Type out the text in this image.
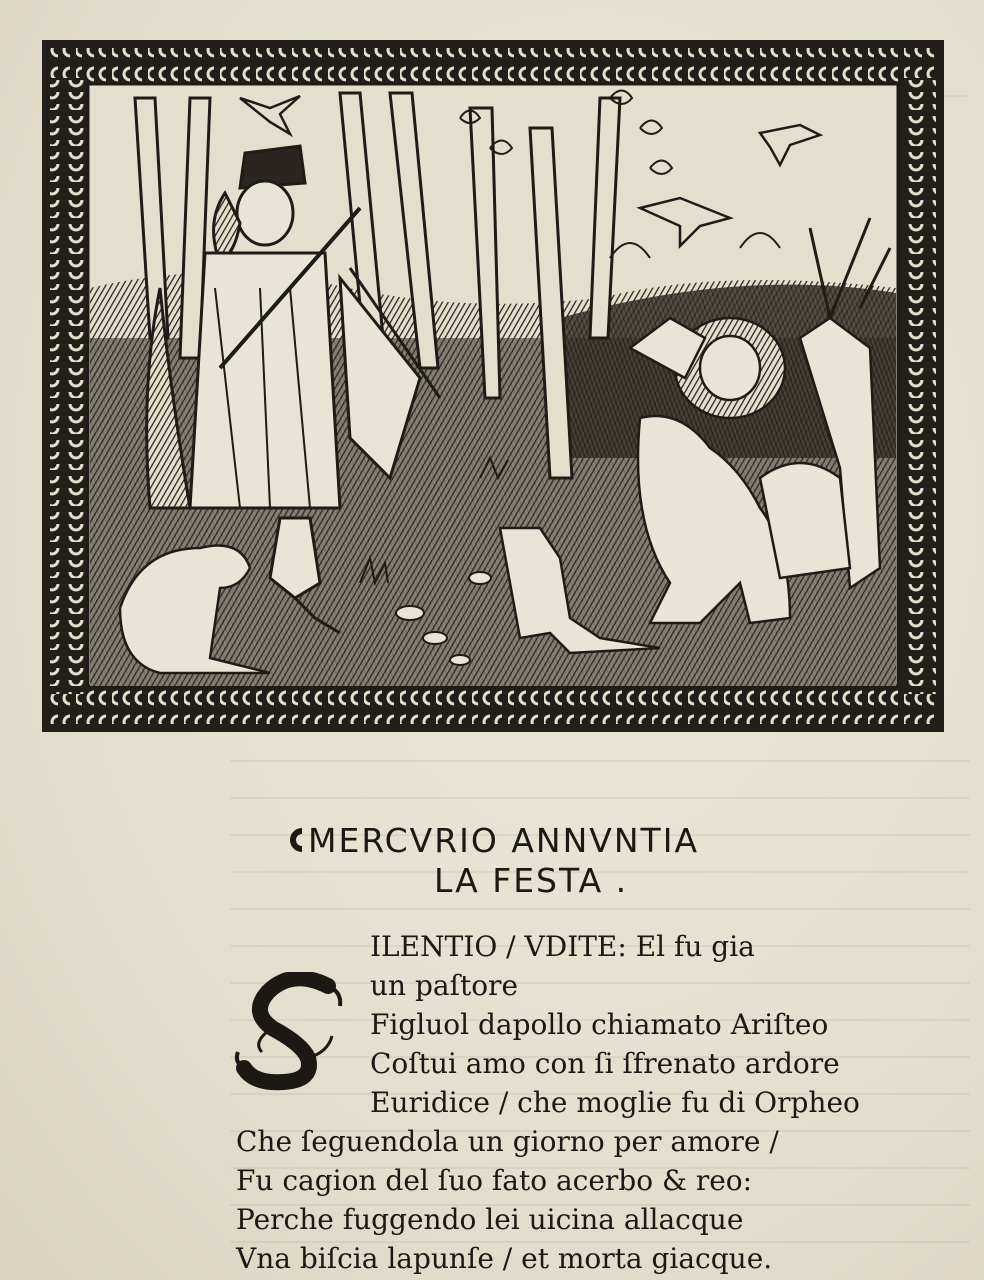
MERCVRIO ANNVNTIA
LA FESTA .
ILENTIO / VDITE: El fu gia
un paſtore
Figluol dapollo chiamato Ariſteo
Coſtui amo con ſi ſfrenato ardore
Euridice / che moglie fu di Orpheo
Che ſeguendola un giorno per amore /
Fu cagion del ſuo fato acerbo & reo:
Perche fuggendo lei uicina allacque
Vna biſcia lapunſe / et morta giacque.
